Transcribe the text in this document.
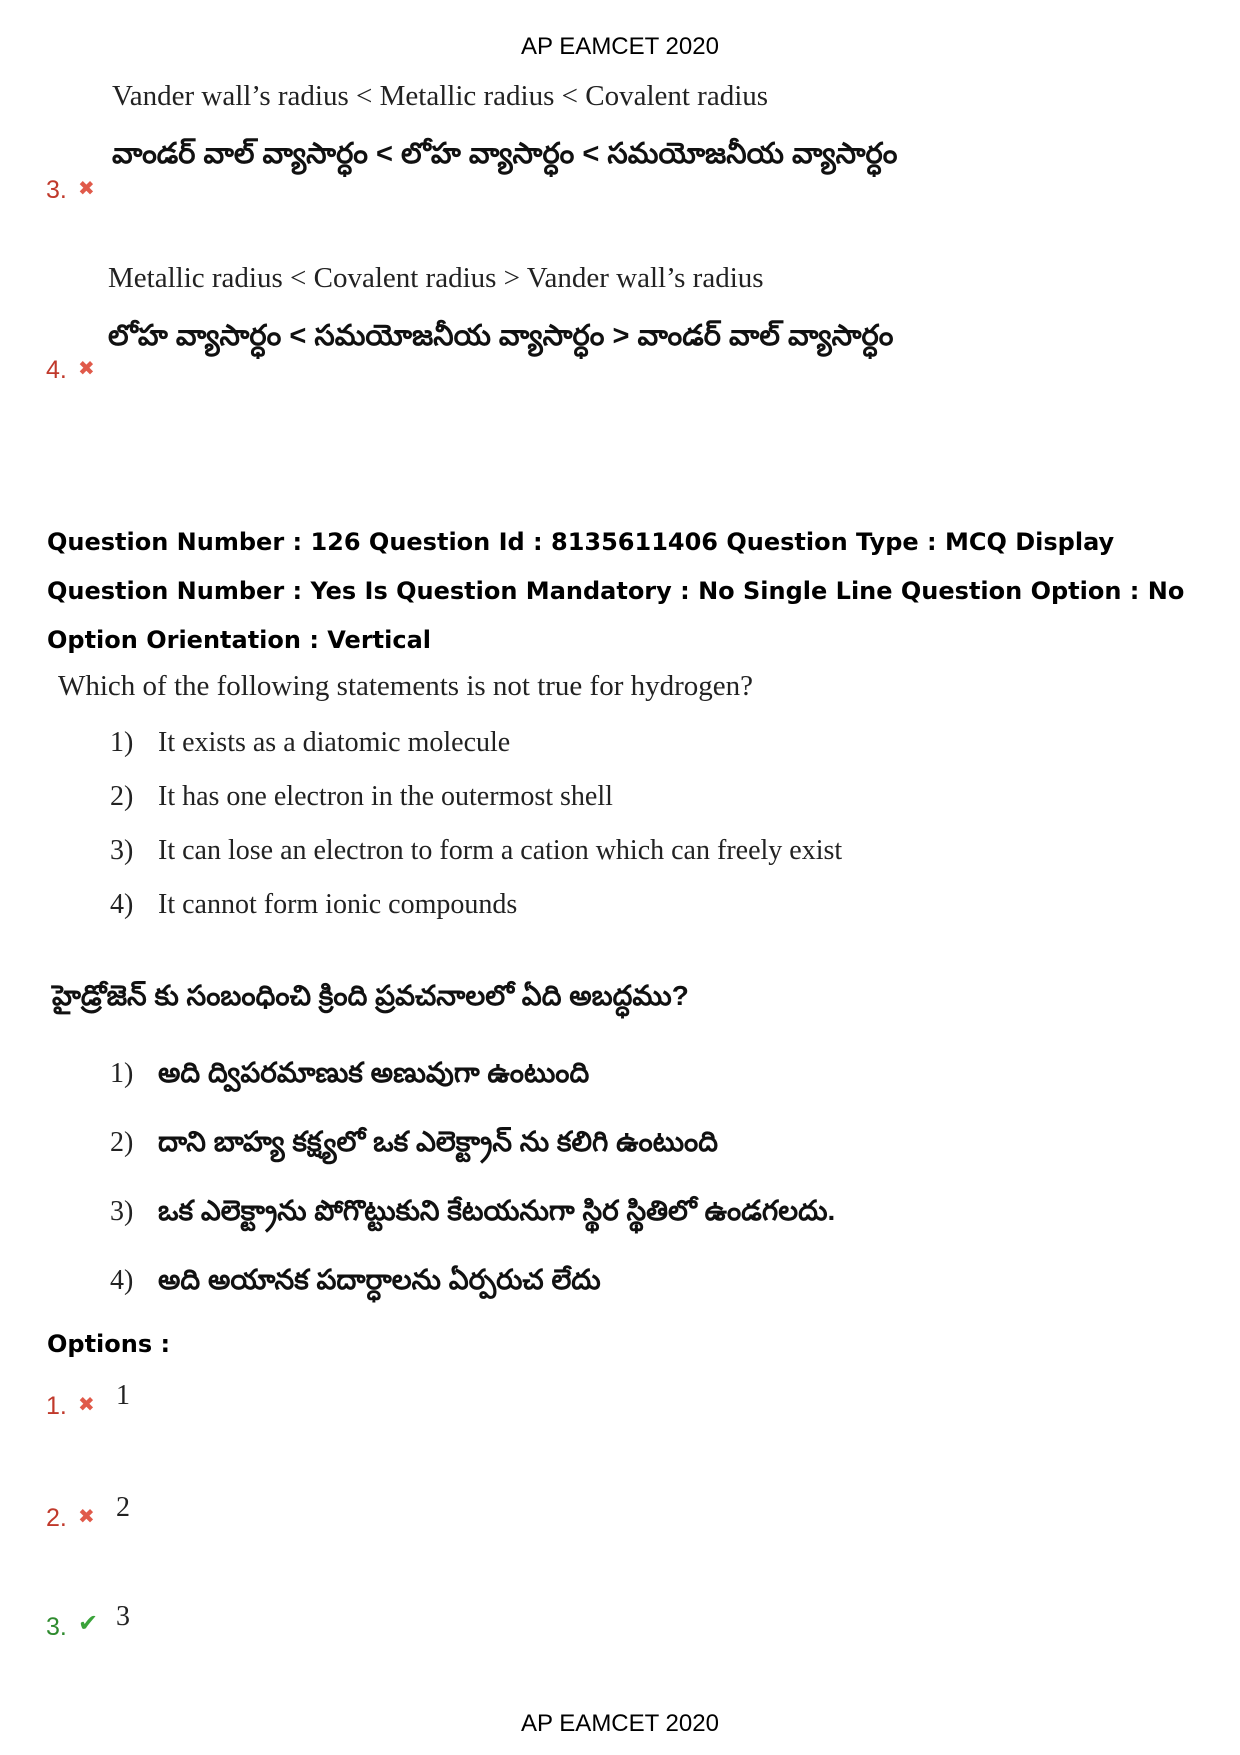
AP EAMCET 2020
Vander wall’s radius < Metallic radius < Covalent radius
వాండర్ వాల్ వ్యాసార్ధం < లోహ వ్యాసార్ధం < సమయోజనీయ వ్యాసార్ధం
3. ✖
Metallic radius < Covalent radius > Vander wall’s radius
లోహ వ్యాసార్ధం < సమయోజనీయ వ్యాసార్ధం > వాండర్ వాల్ వ్యాసార్ధం
4. ✖
Question Number : 126 Question Id : 8135611406 Question Type : MCQ Display Question Number : Yes Is Question Mandatory : No Single Line Question Option : No Option Orientation : Vertical
Which of the following statements is not true for hydrogen?
1) It exists as a diatomic molecule
2) It has one electron in the outermost shell
3) It can lose an electron to form a cation which can freely exist
4) It cannot form ionic compounds
హైడ్రోజెన్ కు సంబంధించి క్రింది ప్రవచనాలలో ఏది అబద్ధము?
1) అది ద్విపరమాణుక అణువుగా ఉంటుంది
2) దాని బాహ్య కక్ష్యలో ఒక ఎలెక్ట్రాన్ ను కలిగి ఉంటుంది
3) ఒక ఎలెక్ట్రాను పోగొట్టుకుని కేటయనుగా స్థిర స్థితిలో ఉండగలదు.
4) అది అయానక పదార్ధాలను ఏర్పరుచ లేదు
Options :
1. ✖ 1
2. ✖ 2
3. ✔ 3
AP EAMCET 2020
